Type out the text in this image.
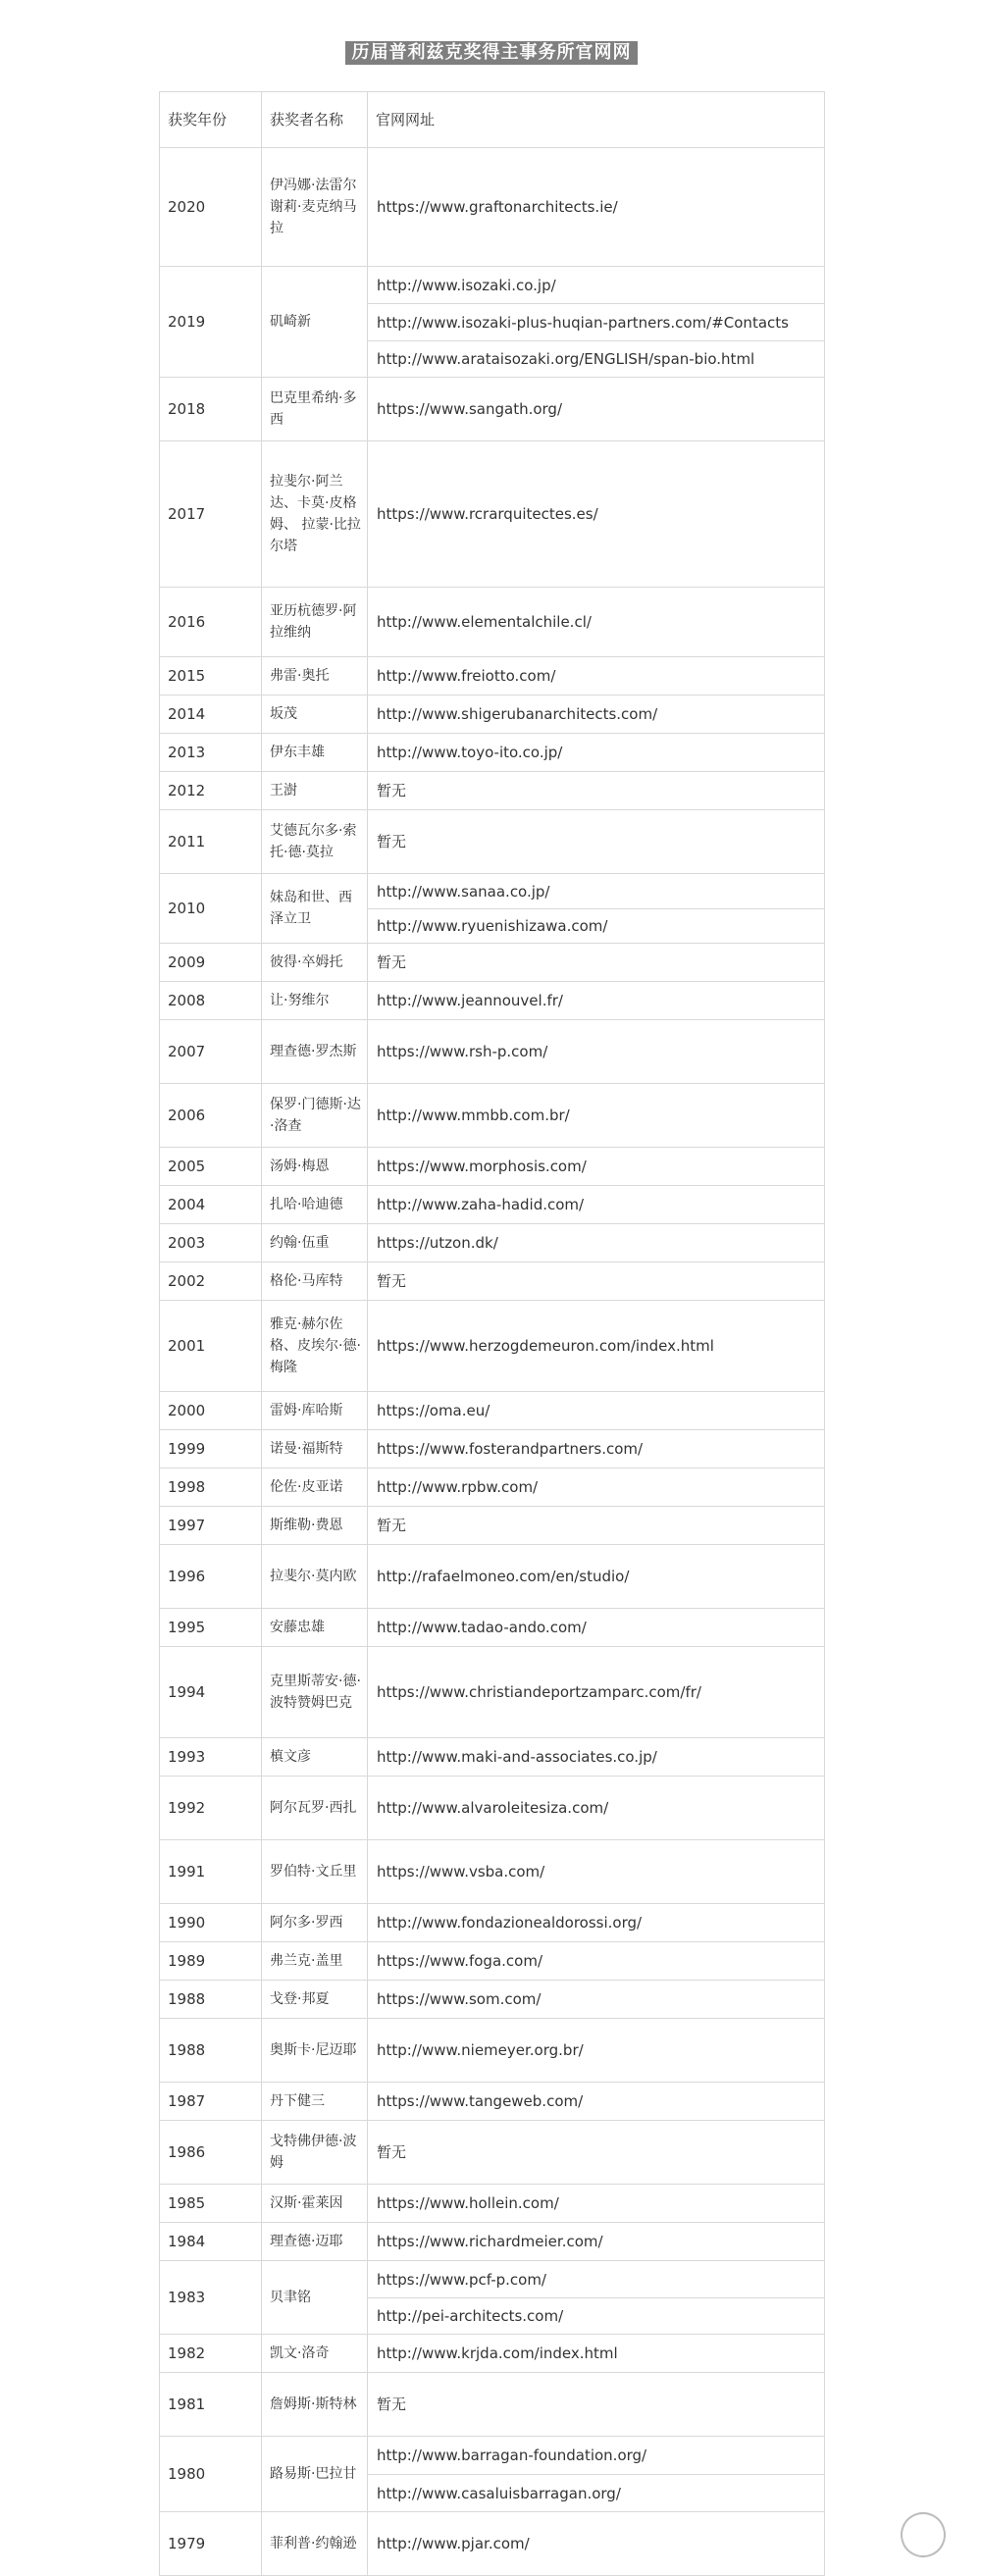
历届普利兹克奖得主事务所官网网址
获奖年份	获奖者名称	官网网址
2020	伊冯娜·法雷尔 谢莉·麦克纳马拉	https://www.graftonarchitects.ie/

2019	矶崎新	http://www.isozaki.co.jp/
http://www.isozaki-plus-huqian-partners.com/#Contacts
http://www.arataisozaki.org/ENGLISH/span-bio.html

2018	巴克里希纳·多西	https://www.sangath.org/

2017	拉斐尔·阿兰达、卡莫·皮格姆、 拉蒙·比拉尔塔	https://www.rcrarquitectes.es/

2016	亚历杭德罗·阿拉维纳	http://www.elementalchile.cl/

2015	弗雷·奥托	http://www.freiotto.com/

2014	坂茂	http://www.shigerubanarchitects.com/

2013	伊东丰雄	http://www.toyo-ito.co.jp/

2012	王澍	暂无

2011	艾德瓦尔多·索托·德·莫拉	暂无

2010	妹岛和世、西泽立卫	http://www.sanaa.co.jp/
http://www.ryuenishizawa.com/

2009	彼得·卒姆托	暂无

2008	让·努维尔	http://www.jeannouvel.fr/

2007	理查德·罗杰斯	https://www.rsh-p.com/

2006	保罗·门德斯·达·洛查	http://www.mmbb.com.br/

2005	汤姆·梅恩	https://www.morphosis.com/

2004	扎哈·哈迪德	http://www.zaha-hadid.com/

2003	约翰·伍重	https://utzon.dk/

2002	格伦·马库特	暂无

2001	雅克·赫尔佐格、皮埃尔·德·梅隆	https://www.herzogdemeuron.com/index.html

2000	雷姆·库哈斯	https://oma.eu/

1999	诺曼·福斯特	https://www.fosterandpartners.com/

1998	伦佐·皮亚诺	http://www.rpbw.com/

1997	斯维勒·费恩	暂无

1996	拉斐尔·莫内欧	http://rafaelmoneo.com/en/studio/

1995	安藤忠雄	http://www.tadao-ando.com/

1994	克里斯蒂安·德·波特赞姆巴克	https://www.christiandeportzamparc.com/fr/

1993	槙文彦	http://www.maki-and-associates.co.jp/

1992	阿尔瓦罗·西扎	http://www.alvaroleitesiza.com/

1991	罗伯特·文丘里	https://www.vsba.com/

1990	阿尔多·罗西	http://www.fondazionealdorossi.org/

1989	弗兰克·盖里	https://www.foga.com/

1988	戈登·邦夏	https://www.som.com/

1988	奥斯卡·尼迈耶	http://www.niemeyer.org.br/

1987	丹下健三	https://www.tangeweb.com/

1986	戈特佛伊德·波姆	暂无

1985	汉斯·霍莱因	https://www.hollein.com/

1984	理查德·迈耶	https://www.richardmeier.com/

1983	贝聿铭	https://www.pcf-p.com/
http://pei-architects.com/

1982	凯文·洛奇	http://www.krjda.com/index.html

1981	詹姆斯·斯特林	暂无

1980	路易斯·巴拉甘	http://www.barragan-foundation.org/
http://www.casaluisbarragan.org/

1979	菲利普·约翰逊	http://www.pjar.com/
